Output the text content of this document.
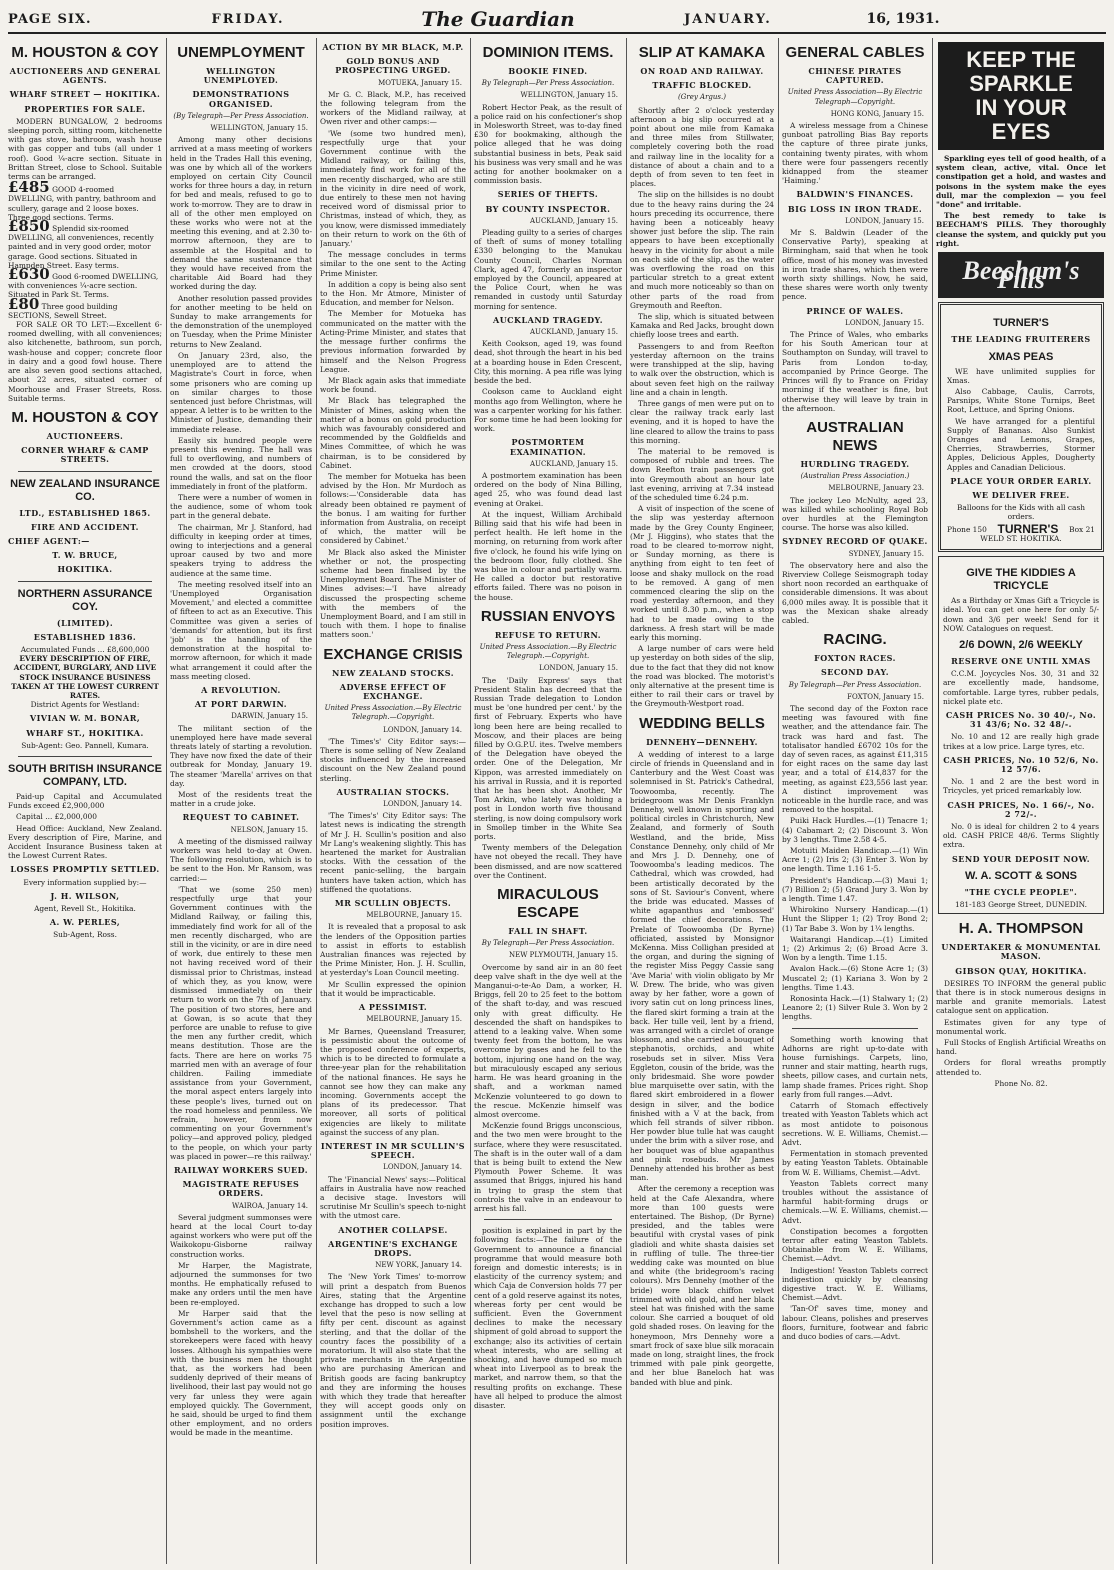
PAGE SIX.	FRIDAY.	The Guardian	JANUARY.	16, 1931.
M. HOUSTON & COY
AUCTIONEERS AND GENERAL AGENTS.
WHARF STREET — HOKITIKA.
PROPERTIES FOR SALE.

MODERN BUNGALOW, 2 bedrooms sleeping porch, sitting room, kitchenette with gas stove, bathroom, wash house with gas copper and tubs (all under 1 roof). Good ¼-acre section. Situate in Brittan Street, close to School. Suitable terms can be arranged.

£485 GOOD 4-roomed DWELLING, with pantry, bathroom and scullery, garage and 2 loose boxes. Three good sections. Terms.
£850 Splendid six-roomed DWELLING, all conveniences, recently painted and in very good order, motor garage. Good sections. Situated in Hampden Street. Easy terms.
£630 Good 6-roomed DWELLING, with conveniences ¼-acre section. Situated in Park St. Terms.
£80 Three good building SECTIONS, Sewell Street.

FOR SALE OR TO LET:—Excellent 6-roomed dwelling, with all conveniences; also kitchenette, bathroom, sun porch, wash-house and copper; concrete floor in dairy and a good fowl house. There are also seven good sections attached, about 22 acres, situated corner of Moorhouse and Fraser Streets, Ross. Suitable terms.

M. HOUSTON & COY
AUCTIONEERS.
CORNER WHARF & CAMP STREETS.
NEW ZEALAND INSURANCE CO.
LTD., ESTABLISHED 1865.
FIRE AND ACCIDENT.
CHIEF AGENT:—
T. W. BRUCE,
HOKITIKA.
NORTHERN ASSURANCE COY.
(LIMITED).
ESTABLISHED 1836.
Accumulated Funds ... £8,600,000
EVERY DESCRIPTION OF FIRE, ACCIDENT, BURGLARY, AND LIVE STOCK INSURANCE BUSINESS TAKEN AT THE LOWEST CURRENT RATES.
District Agents for Westland:
VIVIAN W. M. BONAR,
WHARF ST., HOKITIKA.
Sub-Agent: Geo. Pannell, Kumara.
SOUTH BRITISH INSURANCE COMPANY, LTD.

Paid-up Capital and Accumulated Funds exceed £2,900,000

Capital ... £2,000,000

Head Office: Auckland, New Zealand. Every description of Fire, Marine, and Accident Insurance Business taken at the Lowest Current Rates.

LOSSES PROMPTLY SETTLED.
Every information supplied by:—
J. H. WILSON,
Agent, Revell St., Hokitika.
A. W. PERLES,
Sub-Agent, Ross.
UNEMPLOYMENT
WELLINGTON UNEMPLOYED.
DEMONSTRATIONS ORGANISED.
(By Telegraph—Per Press Association.
WELLINGTON, January 15.

Among many other decisions arrived at a mass meeting of workers held in the Trades Hall this evening, was one by which all of the workers employed on certain City Council works for three hours a day, in return for bed and meals, refused to go to work to-morrow. They are to draw in all of the other men employed on these works who were not at the meeting this evening, and at 2.30 to-morrow afternoon, they are to assemble at the Hospital and to demand the same sustenance that they would have received from the charitable Aid Board had they worked during the day.

Another resolution passed provides for another meeting to be held on Sunday to make arrangements for the demonstration of the unemployed on Tuesday, when the Prime Minister returns to New Zealand.

On January 23rd, also, the unemployed are to attend the Magistrate's Court in force, when some prisoners who are coming up on similar charges to those sentenced just before Christmas, will appear. A letter is to be written to the Minister of Justice, demanding their immediate release.

Easily six hundred people were present this evening. The hall was full to overflowing, and numbers of men crowded at the doors, stood round the walls, and sat on the floor immediately in front of the platform.

There were a number of women in the audience, some of whom took part in the general debate.

The chairman, Mr J. Stanford, had difficulty in keeping order at times, owing to interjections and a general uproar caused by two and more speakers trying to address the audience at the same time.

The meeting resolved itself into an 'Unemployed Organisation Movement,' and elected a committee of fifteen to act as an Executive. This Committee was given a series of 'demands' for attention, but its first 'job' is the handling of the demonstration at the hospital to-morrow afternoon, for which it made what arrangement it could after the mass meeting closed.

A REVOLUTION.
AT PORT DARWIN.
DARWIN, January 15.

The militant section of the unemployed here have made several threats lately of starting a revolution. They have now fixed the date of their outbreak for Monday, January 19. The steamer 'Marella' arrives on that day.

Most of the residents treat the matter in a crude joke.

REQUEST TO CABINET.
NELSON, January 15.

A meeting of the dismissed railway workers was held to-day at Owen. The following resolution, which is to be sent to the Hon. Mr Ransom, was carried:—

'That we (some 250 men) respectfully urge that your Government continues with the Midland Railway, or failing this, immediately find work for all of the men recently discharged, who are still in the vicinity, or are in dire need of work, due entirely to these men not having received word of their dismissal prior to Christmas, instead of which they, as you know, were dismissed immediately on their return to work on the 7th of January. The position of two stores, here and at Gowan, is so acute that they perforce are unable to refuse to give the men any further credit, which means destitution. Those are the facts. There are here on works 75 married men with an average of four children. Failing immediate assistance from your Government, the moral aspect enters largely into these people's lives, turned out on the road homeless and penniless. We refrain, however, from now commenting on your Government's policy—and approved policy, pledged to the people, on which your party was placed in power—re this railway.'

RAILWAY WORKERS SUED.
MAGISTRATE REFUSES ORDERS.
WAIROA, January 14.

Several judgment summonses were heard at the local Court to-day against workers who were put off the Waikokopu-Gisborne railway construction works.

Mr Harper, the Magistrate, adjourned the summonses for two months. He emphatically refused to make any orders until the men have been re-employed.

Mr Harper said that the Government's action came as a bombshell to the workers, and the storekeepers were faced with heavy losses. Although his sympathies were with the business men he thought that, as the workers had been suddenly deprived of their means of livelihood, their last pay would not go very far unless they were again employed quickly. The Government, he said, should be urged to find them other employment, and no orders would be made in the meantime.

ACTION BY MR BLACK, M.P.
GOLD BONUS AND PROSPECTING URGED.
MOTUEKA, January 15.

Mr G. C. Black, M.P., has received the following telegram from the workers of the Midland railway, at Owen river and other camps:—

'We (some two hundred men), respectfully urge that your Government continue with the Midland railway, or failing this, immediately find work for all of the men recently discharged, who are still in the vicinity in dire need of work, due entirely to these men not having received word of dismissal prior to Christmas, instead of which, they, as you know, were dismissed immediately on their return to work on the 6th of January.'

The message concludes in terms similar to the one sent to the Acting Prime Minister.

In addition a copy is being also sent to the Hon. Mr Atmore, Minister of Education, and member for Nelson.

The Member for Motueka has communicated on the matter with the Acting-Prime Minister, and states that the message further confirms the previous information forwarded by himself and the Nelson Progress League.

Mr Black again asks that immediate work be found.

Mr Black has telegraphed the Minister of Mines, asking when the matter of a bonus on gold production which was favourably considered and recommended by the Goldfields and Mines Committee, of which he was chairman, is to be considered by Cabinet.

The member for Motueka has been advised by the Hon. Mr Murdoch as follows:—'Considerable data has already been obtained re payment of the bonus. I am waiting for further information from Australia, on receipt of which, the matter will be considered by Cabinet.'

Mr Black also asked the Minister whether or not, the prospecting scheme had been finalised by the Unemployment Board. The Minister of Mines advises:—'I have already discussed the prospecting scheme with the members of the Unemployment Board, and I am still in touch with them. I hope to finalise matters soon.'

EXCHANGE CRISIS
NEW ZEALAND STOCKS.
ADVERSE EFFECT OF EXCHANGE.
United Press Association.—By Electric Telegraph.—Copyright.
LONDON, January 14.

'The Times's' City Editor says:—There is some selling of New Zealand stocks influenced by the increased discount on the New Zealand pound sterling.

AUSTRALIAN STOCKS.
LONDON, January 14.

'The Times's' City Editor says: The latest news is indicating the strength of Mr J. H. Scullin's position and also Mr Lang's weakening slightly. This has heartened the market for Australian stocks. With the cessation of the recent panic-selling, the bargain hunters have taken action, which has stiffened the quotations.

MR SCULLIN OBJECTS.
MELBOURNE, January 15.

It is revealed that a proposal to ask the lenders of the Opposition parties to assist in efforts to establish Australian finances was rejected by the Prime Minister, Hon. J. H. Scullin, at yesterday's Loan Council meeting.

Mr Scullin expressed the opinion that it would be impracticable.

A PESSIMIST.
MELBOURNE, January 15.

Mr Barnes, Queensland Treasurer, is pessimistic about the outcome of the proposed conference of experts, which is to be directed to formulate a three-year plan for the rehabilitation of the national finances. He says he cannot see how they can make any incoming. Governments accept the plans of its predecessor. That moreover, all sorts of political exigencies are likely to militate against the success of any plan.

INTEREST IN MR SCULLIN'S SPEECH.
LONDON, January 14.

The 'Financial News' says:—Political affairs in Australia have now reached a decisive stage. Investors will scrutinise Mr Scullin's speech to-night with the utmost care.

ANOTHER COLLAPSE.
ARGENTINE'S EXCHANGE DROPS.
NEW YORK, January 14.

The 'New York Times' to-morrow will print a despatch from Buenos Aires, stating that the Argentine exchange has dropped to such a low level that the peso is now selling at fifty per cent. discount as against sterling, and that the dollar of the country faces the possibility of a moratorium. It will also state that the private merchants in the Argentine who are purchasing American and British goods are facing bankruptcy and they are informing the houses with which they trade that hereafter they will accept goods only on assignment until the exchange position improves.

DOMINION ITEMS.
BOOKIE FINED.
By Telegraph—Per Press Association.
WELLINGTON, January 15.

Robert Hector Peak, as the result of a police raid on his confectioner's shop in Molesworth Street, was to-day fined £30 for bookmaking, although the police alleged that he was doing substantial business in bets, Peak said his business was very small and he was acting for another bookmaker on a commission basis.

SERIES OF THEFTS.
BY COUNTY INSPECTOR.
AUCKLAND, January 15.

Pleading guilty to a series of charges of theft of sums of money totalling £330 belonging to the Manukau County Council, Charles Norman Clark, aged 47, formerly an inspector employed by the Council, appeared at the Police Court, when he was remanded in custody until Saturday morning for sentence.

AUCKLAND TRAGEDY.
AUCKLAND, January 15.

Keith Cookson, aged 19, was found dead, shot through the heart in his bed at a boarding house in Eden Crescent, City, this morning. A pea rifle was lying beside the bed.

Cookson came to Auckland eight months ago from Wellington, where he was a carpenter working for his father. For some time he had been looking for work.

POSTMORTEM EXAMINATION.
AUCKLAND, January 15.

A postmortem examination has been ordered on the body of Nina Billing, aged 25, who was found dead last evening at Orakei.

At the inquest, William Archibald Billing said that his wife had been in perfect health. He left home in the morning, on returning from work after five o'clock, he found his wife lying on the bedroom floor, fully clothed. She was blue in colour and partially warm. He called a doctor but restorative efforts failed. There was no poison in the house.

RUSSIAN ENVOYS
REFUSE TO RETURN.
United Press Association.—By Electric Telegraph.—Copyright.
LONDON, January 15.

The 'Daily Express' says that President Stalin has decreed that the Russian Trade delegation to London must be 'one hundred per cent.' by the first of February. Experts who have long been here are being recalled to Moscow, and their places are being filled by O.G.P.U. ites. Twelve members of the Delegation have obeyed the order. One of the Delegation, Mr Kippon, was arrested immediately on his arrival in Russia, and it is reported that he has been shot. Another, Mr Tom Arkin, who lately was holding a post in London worth five thousand sterling, is now doing compulsory work in Smollep timber in the White Sea ports.

Twenty members of the Delegation have not obeyed the recall. They have been dismissed, and are now scattered over the Continent.

MIRACULOUS ESCAPE
FALL IN SHAFT.
By Telegraph—Per Press Association.
NEW PLYMOUTH, January 15.

Overcome by sand air in an 80 feet deep valve shaft in the dye well at the Manganui-o-te-Ao Dam, a worker, H. Briggs, fell 20 to 25 feet to the bottom of the shaft to-day, and was rescued only with great difficulty. He descended the shaft on handspikes to attend to a leaking valve. When some twenty feet from the bottom, he was overcome by gases and he fell to the bottom, injuring one hand on the way, but miraculously escaped any serious harm. He was heard groaning in the shaft, and a workman named McKenzie volunteered to go down to the rescue. McKenzie himself was almost overcome.

McKenzie found Briggs unconscious, and the two men were brought to the surface, where they were resuscitated. The shaft is in the outer wall of a dam that is being built to extend the New Plymouth Power Scheme. It was assumed that Briggs, injured his hand in trying to grasp the stem that controls the valve in an endeavour to arrest his fall.

position is explained in part by the following facts:—The failure of the Government to announce a financial programme that would measure both foreign and domestic interests; is in elasticity of the currency system; and which Caja de Conversion holds 77 per cent of a gold reserve against its notes, whereas forty per cent would be sufficient. Even the Government declines to make the necessary shipment of gold abroad to support the exchange; also its activities of certain wheat interests, who are selling at shocking, and have dumped so much wheat into Liverpool as to break the market, and narrow them, so that the resulting profits on exchange. These have all helped to produce the almost disaster.

SLIP AT KAMAKA
ON ROAD AND RAILWAY.
TRAFFIC BLOCKED.
(Grey Argus.)

Shortly after 2 o'clock yesterday afternoon a big slip occurred at a point about one mile from Kamaka and three miles from Stillwater, completely covering both the road and railway line in the locality for a distance of about a chain and to a depth of from seven to ten feet in places.

The slip on the hillsides is no doubt due to the heavy rains during the 24 hours preceding its occurrence, there having been a noticeably heavy shower just before the slip. The rain appears to have been exceptionally heavy in the vicinity for about a mile on each side of the slip, as the water was overflowing the road on this particular stretch to a great extent and much more noticeably so than on other parts of the road from Greymouth and Reefton.

The slip, which is situated between Kamaka and Red Jacks, brought down chiefly loose trees and earth.

Passengers to and from Reefton yesterday afternoon on the trains were transhipped at the slip, having to walk over the obstruction, which is about seven feet high on the railway line and a chain in length.

Three gangs of men were put on to clear the railway track early last evening, and it is hoped to have the line cleared to allow the trains to pass this morning.

The material to be removed is composed of rubble and trees. The down Reefton train passengers got into Greymouth about an hour late last evening, arriving at 7.34 instead of the scheduled time 6.24 p.m.

A visit of inspection of the scene of the slip was yesterday afternoon made by the Grey County Engineer, (Mr J. Higgins), who states that the road to be cleared to-morrow night, or Sunday morning, as there is anything from eight to ten feet of loose and shaky mullock on the road to be removed. A gang of men commenced clearing the slip on the road yesterday afternoon, and they worked until 8.30 p.m., when a stop had to be made owing to the darkness. A fresh start will be made early this morning.

A large number of cars were held up yesterday on both sides of the slip, due to the fact that they did not know the road was blocked. The motorist's only alternative at the present time is either to rail their cars or travel by the Greymouth-Westport road.

WEDDING BELLS
DENNEHY—DENNEHY.

A wedding of interest to a large circle of friends in Queensland and in Canterbury and the West Coast was solemnised in St. Patrick's Cathedral, Toowoomba, recently. The bridegroom was Mr Denis Franklyn Dennehy, well known in sporting and political circles in Christchurch, New Zealand, and formerly of South Westland, and the bride, Miss Constance Dennehy, only child of Mr and Mrs J. D. Dennehy, one of Toowoomba's leading medicos. The Cathedral, which was crowded, had been artistically decorated by the sons of St. Saviour's Convent, where the bride was educated. Masses of white agapanthus and 'embossed' formed the chief decorations. The Prelate of Toowoomba (Dr Byrne) officiated, assisted by Monsignor McKenna. Miss Collighan presided at the organ, and during the signing of the register Miss Peggy Cassie sang 'Ave Maria' with violin obligato by Mr W. Drew. The bride, who was given away by her father, wore a gown of ivory satin cut on long princess lines, the flared skirt forming a train at the back. Her tulle veil, lent by a friend, was arranged with a circlet of orange blossom, and she carried a bouquet of stephanotis, orchids, and white rosebuds set in silver. Miss Vera Eggleton, cousin of the bride, was the only bridesmaid. She wore powder blue marquisette over satin, with the flared skirt embroidered in a flower design in silver, and the bodice finished with a V at the back, from which fell strands of silver ribbon. Her powder blue tulle hat was caught under the brim with a silver rose, and her bouquet was of blue agapanthus and pink rosebuds. Mr James Dennehy attended his brother as best man.

After the ceremony a reception was held at the Cafe Alexandra, where more than 100 guests were entertained. The Bishop, (Dr Byrne) presided, and the tables were beautiful with crystal vases of pink gladioli and white shasta daisies set in ruffling of tulle. The three-tier wedding cake was mounted on blue and white (the bridegroom's racing colours). Mrs Dennehy (mother of the bride) wore black chiffon velvet trimmed with old gold, and her black steel hat was finished with the same colour. She carried a bouquet of old gold shaded roses. On leaving for the honeymoon, Mrs Dennehy wore a smart frock of saxe blue silk moracain made on long, straight lines, the frock trimmed with pale pink georgette, and her blue Baneloch hat was banded with blue and pink.

GENERAL CABLES
CHINESE PIRATES CAPTURED.
United Press Association—By Electric Telegraph—Copyright.
HONG KONG, January 15.

A wireless message from a Chinese gunboat patrolling Bias Bay reports the capture of three pirate junks, containing twenty pirates, with whom there were four passengers recently kidnapped from the steamer 'Haiming.'

BALDWIN'S FINANCES.
BIG LOSS IN IRON TRADE.
LONDON, January 15.

Mr S. Baldwin (Leader of the Conservative Party), speaking at Birmingham, said that when he took office, most of his money was invested in iron trade shares, which then were worth sixty shillings. Now, he said, these shares were worth only twenty pence.

PRINCE OF WALES.
LONDON, January 15.

The Prince of Wales, who embarks for his South American tour at Southampton on Sunday, will travel to Paris from London to-day, accompanied by Prince George. The Princes will fly to France on Friday morning if the weather is fine, but otherwise they will leave by train in the afternoon.

AUSTRALIAN NEWS
HURDLING TRAGEDY.
(Australian Press Association.)
MELBOURNE, January 23.

The jockey Leo McNulty, aged 23, was killed while schooling Royal Bob over hurdles at the Flemington course. The horse was also killed.

SYDNEY RECORD OF QUAKE.
SYDNEY, January 15.

The observatory here and also the Riverview College Seismograph today short noon recorded an earthquake of considerable dimensions. It was about 6,000 miles away. It is possible that it was the Mexican shake already cabled.

RACING.
FOXTON RACES.
SECOND DAY.
By Telegraph—Per Press Association.
FOXTON, January 15.

The second day of the Foxton race meeting was favoured with fine weather, and the attendance fair. The track was hard and fast. The totalisator handled £6702 10s for the day of seven races, as against £11,315 for eight races on the same day last year, and a total of £14,837 for the meeting, as against £23,556 last year. A distinct improvement was noticeable in the hurdle race, and was removed to the hospital.

Puiki Hack Hurdles.—(1) Tenacre 1; (4) Cabamart 2; (2) Discount 3. Won by 3 lengths. Time 2.58 4-5.

Motuiti Maiden Handicap.—(1) Win Acre 1; (2) Iris 2; (3) Enter 3. Won by one length. Time 1.16 1-5.

President's Handicap.—(3) Maui 1; (7) Billion 2; (5) Grand Jury 3. Won by a length. Time 1.47.

Whirokino Nursery Handicap.—(1) Hunt the Slipper 1; (2) Troy Bond 2; (1) Tar Babe 3. Won by 1¼ lengths.

Waitarangi Handicap.—(1) Limited 1; (2) Arkimus 2; (6) Broad Acre 3. Won by a length. Time 1.15.

Avalon Hack.—(6) Stone Acre 1; (3) Muscatel 2; (1) Kariana 3. Won by 2 lengths. Time 1.43.

Ronosinta Hack.—(1) Stalwary 1; (2) Leanore 2; (1) Silver Rule 3. Won by 2 lengths.

Something worth knowing that Adhorns are right up-to-date with house furnishings. Carpets, lino, runner and stair matting, hearth rugs, sheets, pillow cases, and curtain nets, lamp shade frames. Prices right. Shop early from full ranges.—Advt.

Catarrh of Stomach effectively treated with Yeaston Tablets which act as most antidote to poisonous secretions. W. E. Williams, Chemist.—Advt.

Fermentation in stomach prevented by eating Yeaston Tablets. Obtainable from W. E. Williams, Chemist.—Advt.

Yeaston Tablets correct many troubles without the assistance of harmful habit-forming drugs or chemicals.—W. E. Williams, chemist.—Advt.

Constipation becomes a forgotten terror after eating Yeaston Tablets. Obtainable from W. E. Williams, Chemist.—Advt.

Indigestion! Yeaston Tablets correct indigestion quickly by cleansing digestive tract. W. E. Williams, Chemist.—Advt.

'Tan-Of' saves time, money and labour. Cleans, polishes and preserves floors, furniture, footwear and fabric and duco bodies of cars.—Advt.

KEEP THE
SPARKLE
IN YOUR
EYES

Sparkling eyes tell of good health, of a system clean, active, vital. Once let constipation get a hold, and wastes and poisons in the system make the eyes dull, mar the complexion — you feel "done" and irritable.

The best remedy to take is BEECHAM'S PILLS. They thoroughly cleanse the system, and quickly put you right.

Beecham's Pills
TURNER'S
THE LEADING FRUITERERS
XMAS PEAS

WE have unlimited supplies for Xmas.

Also Cabbage, Caulis, Carrots, Parsnips, White Stone Turnips, Beet Root, Lettuce, and Spring Onions.

We have arranged for a plentiful Supply of Bananas. Also Sunkist Oranges and Lemons, Grapes, Cherries, Strawberries, Stormer Apples, Delicious Apples, Dougherty Apples and Canadian Delicious.

PLACE YOUR ORDER EARLY.
WE DELIVER FREE.
Balloons for the Kids with all cash orders.
Phone 150 TURNER'S Box 21
WELD ST. HOKITIKA.
GIVE THE KIDDIES A TRICYCLE

As a Birthday or Xmas Gift a Tricycle is ideal. You can get one here for only 5/- down and 3/6 per week! Send for it NOW. Catalogues on request.

2/6 DOWN, 2/6 WEEKLY
RESERVE ONE UNTIL XMAS

C.C.M. Joycycles Nos. 30, 31 and 32 are excellently made, handsome, comfortable. Large tyres, rubber pedals, nickel plate etc.

CASH PRICES No. 30 40/-, No. 31 43/6; No. 32 48/-.

No. 10 and 12 are really high grade trikes at a low price. Large tyres, etc.

CASH PRICES, No. 10 52/6, No. 12 57/6.

No. 1 and 2 are the best word in Tricycles, yet priced remarkably low.

CASH PRICES, No. 1 66/-, No. 2 72/-.

No. 0 is ideal for children 2 to 4 years old. CASH PRICE 48/6. Terms Slightly extra.

SEND YOUR DEPOSIT NOW.
W. A. SCOTT & SONS
"THE CYCLE PEOPLE".
181-183 George Street, DUNEDIN.
H. A. THOMPSON
UNDERTAKER & MONUMENTAL MASON.
GIBSON QUAY, HOKITIKA.

DESIRES TO INFORM the general public that there is in stock numerous designs in marble and granite memorials. Latest catalogue sent on application.

Estimates given for any type of monumental work.

Full Stocks of English Artificial Wreaths on hand.

Orders for floral wreaths promptly attended to.

Phone No. 82.
